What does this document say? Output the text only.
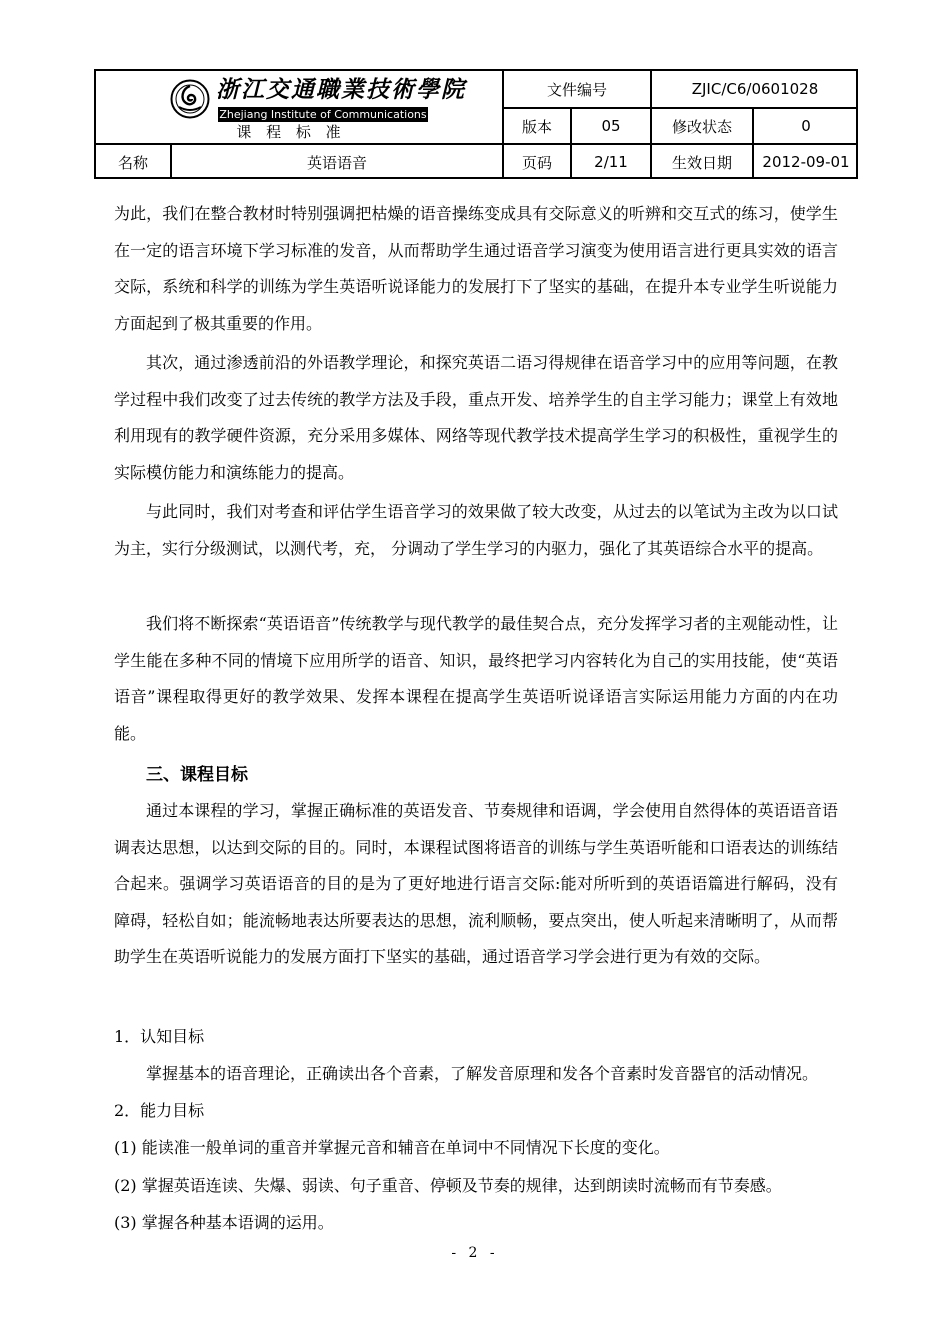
浙江交通職業技術學院
Zhejiang Institute of Communications
课 程 标 准
文件编号	ZJIC/C6/0601028
版本	05	修改状态	0
名称	英语语音	页码	2/11	生效日期	2012-09-01

为此，我们在整合教材时特别强调把枯燥的语音操练变成具有交际意义的听辨和交互式的练习，使学生在一定的语言环境下学习标准的发音，从而帮助学生通过语音学习演变为使用语言进行更具实效的语言交际，系统和科学的训练为学生英语听说译能力的发展打下了坚实的基础，在提升本专业学生听说能力方面起到了极其重要的作用。

其次，通过渗透前沿的外语教学理论，和探究英语二语习得规律在语音学习中的应用等问题，在教学过程中我们改变了过去传统的教学方法及手段，重点开发、培养学生的自主学习能力；课堂上有效地利用现有的教学硬件资源，充分采用多媒体、网络等现代教学技术提高学生学习的积极性，重视学生的实际模仿能力和演练能力的提高。

与此同时，我们对考查和评估学生语音学习的效果做了较大改变，从过去的以笔试为主改为以口试为主，实行分级测试，以测代考，充， 分调动了学生学习的内驱力，强化了其英语综合水平的提高。

我们将不断探索“英语语音”传统教学与现代教学的最佳契合点，充分发挥学习者的主观能动性，让学生能在多种不同的情境下应用所学的语音、知识，最终把学习内容转化为自己的实用技能，使“英语语音”课程取得更好的教学效果、发挥本课程在提高学生英语听说译语言实际运用能力方面的内在功能。

三、课程目标

通过本课程的学习，掌握正确标准的英语发音、节奏规律和语调，学会使用自然得体的英语语音语调表达思想，以达到交际的目的。同时，本课程试图将语音的训练与学生英语听能和口语表达的训练结合起来。强调学习英语语音的目的是为了更好地进行语言交际:能对所听到的英语语篇进行解码，没有障碍，轻松自如；能流畅地表达所要表达的思想，流利顺畅，要点突出，使人听起来清晰明了，从而帮助学生在英语听说能力的发展方面打下坚实的基础，通过语音学习学会进行更为有效的交际。

1．认知目标

掌握基本的语音理论，正确读出各个音素，了解发音原理和发各个音素时发音器官的活动情况。

2．能力目标

(1) 能读准一般单词的重音并掌握元音和辅音在单词中不同情况下长度的变化。

(2) 掌握英语连读、失爆、弱读、句子重音、停顿及节奏的规律，达到朗读时流畅而有节奏感。

(3) 掌握各种基本语调的运用。

- 2 -
